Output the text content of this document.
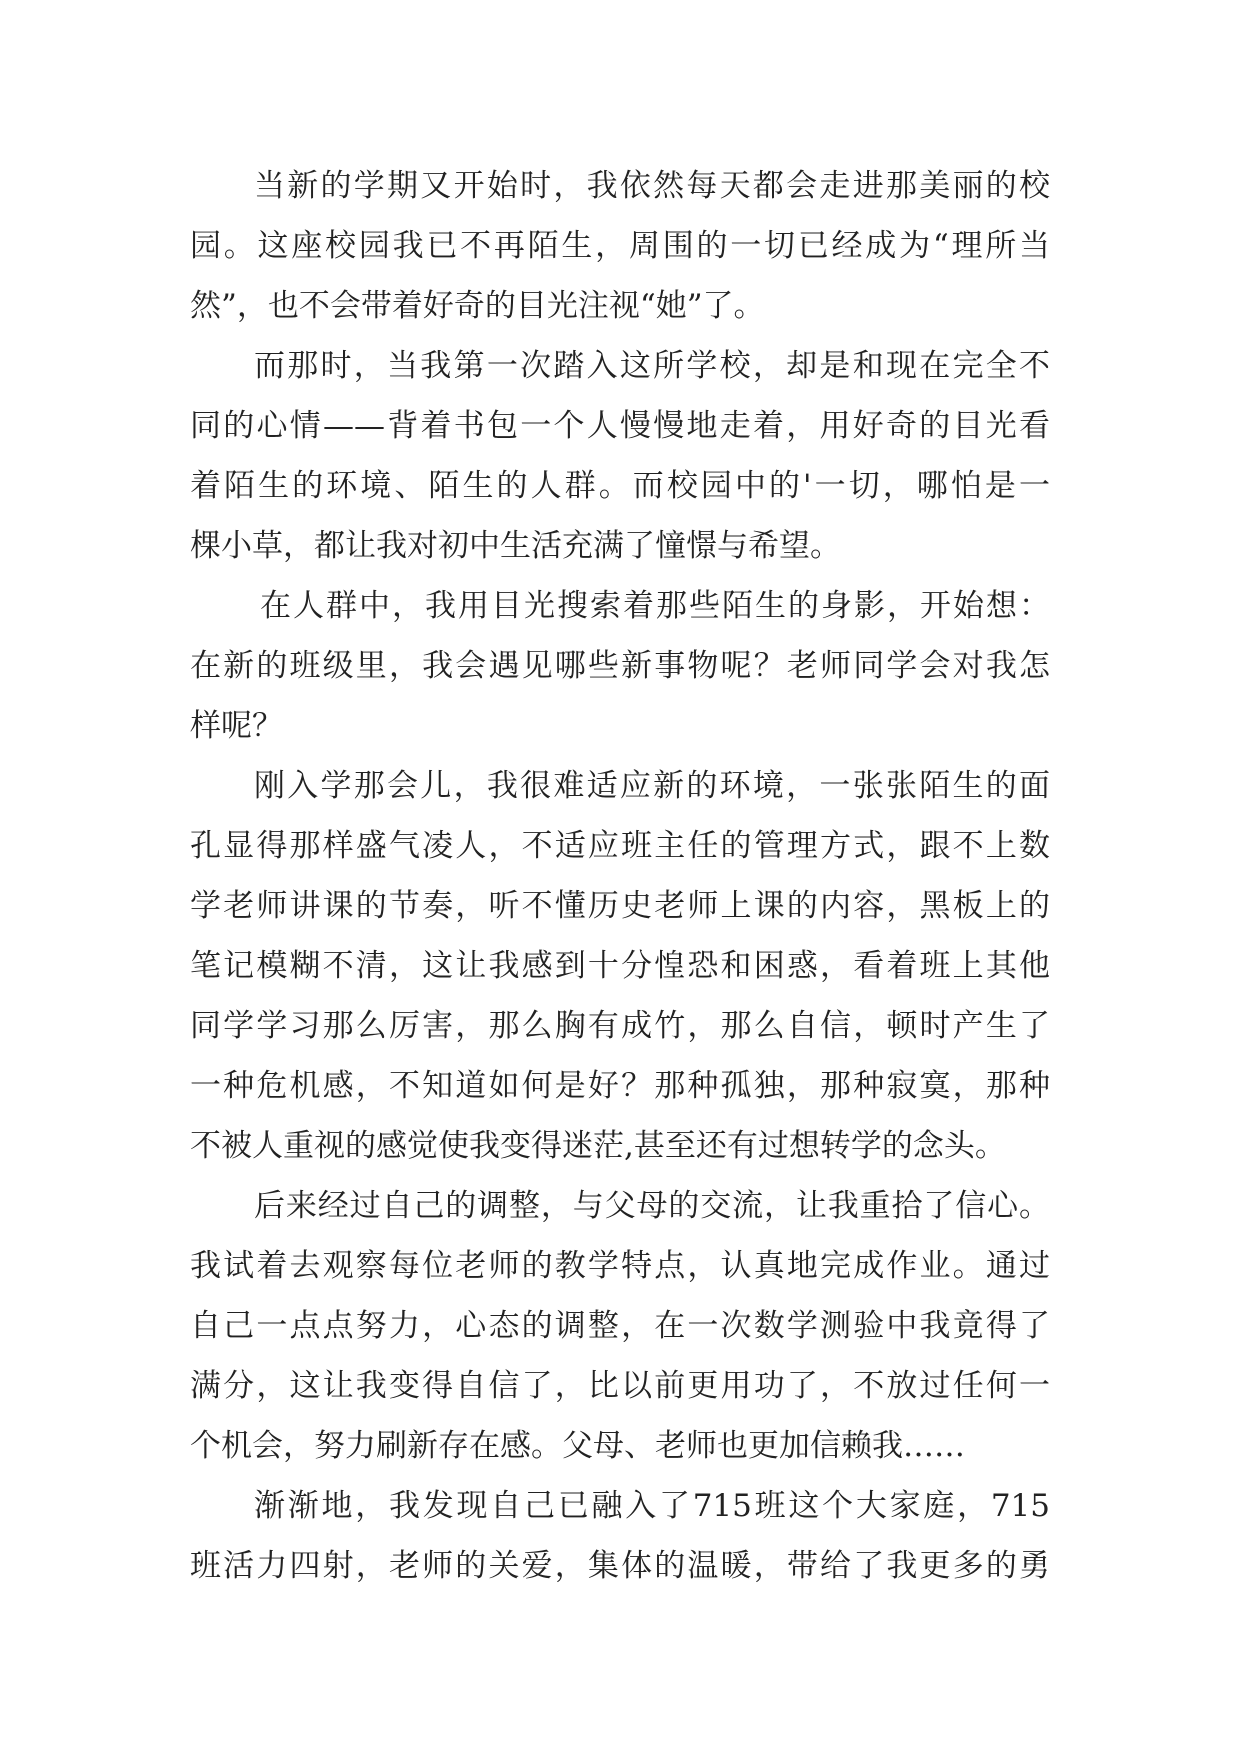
当新的学期又开始时，我依然每天都会走进那美丽的校
园。这座校园我已不再陌生，周围的一切已经成为“理所当
然”，也不会带着好奇的目光注视“她”了。
而那时，当我第一次踏入这所学校，却是和现在完全不
同的心情——背着书包一个人慢慢地走着，用好奇的目光看
着陌生的环境、陌生的人群。而校园中的'一切，哪怕是一
棵小草，都让我对初中生活充满了憧憬与希望。
在人群中，我用目光搜索着那些陌生的身影，开始想：
在新的班级里，我会遇见哪些新事物呢？老师同学会对我怎
样呢？
刚入学那会儿，我很难适应新的环境，一张张陌生的面
孔显得那样盛气凌人，不适应班主任的管理方式，跟不上数
学老师讲课的节奏，听不懂历史老师上课的内容，黑板上的
笔记模糊不清，这让我感到十分惶恐和困惑，看着班上其他
同学学习那么厉害，那么胸有成竹，那么自信，顿时产生了
一种危机感，不知道如何是好？那种孤独，那种寂寞，那种
不被人重视的感觉使我变得迷茫,甚至还有过想转学的念头。
后来经过自己的调整，与父母的交流，让我重拾了信心。
我试着去观察每位老师的教学特点，认真地完成作业。通过
自己一点点努力，心态的调整，在一次数学测验中我竟得了
满分，这让我变得自信了，比以前更用功了，不放过任何一
个机会，努力刷新存在感。父母、老师也更加信赖我……
渐渐地，我发现自己已融入了715班这个大家庭，715
班活力四射，老师的关爱，集体的温暖，带给了我更多的勇
